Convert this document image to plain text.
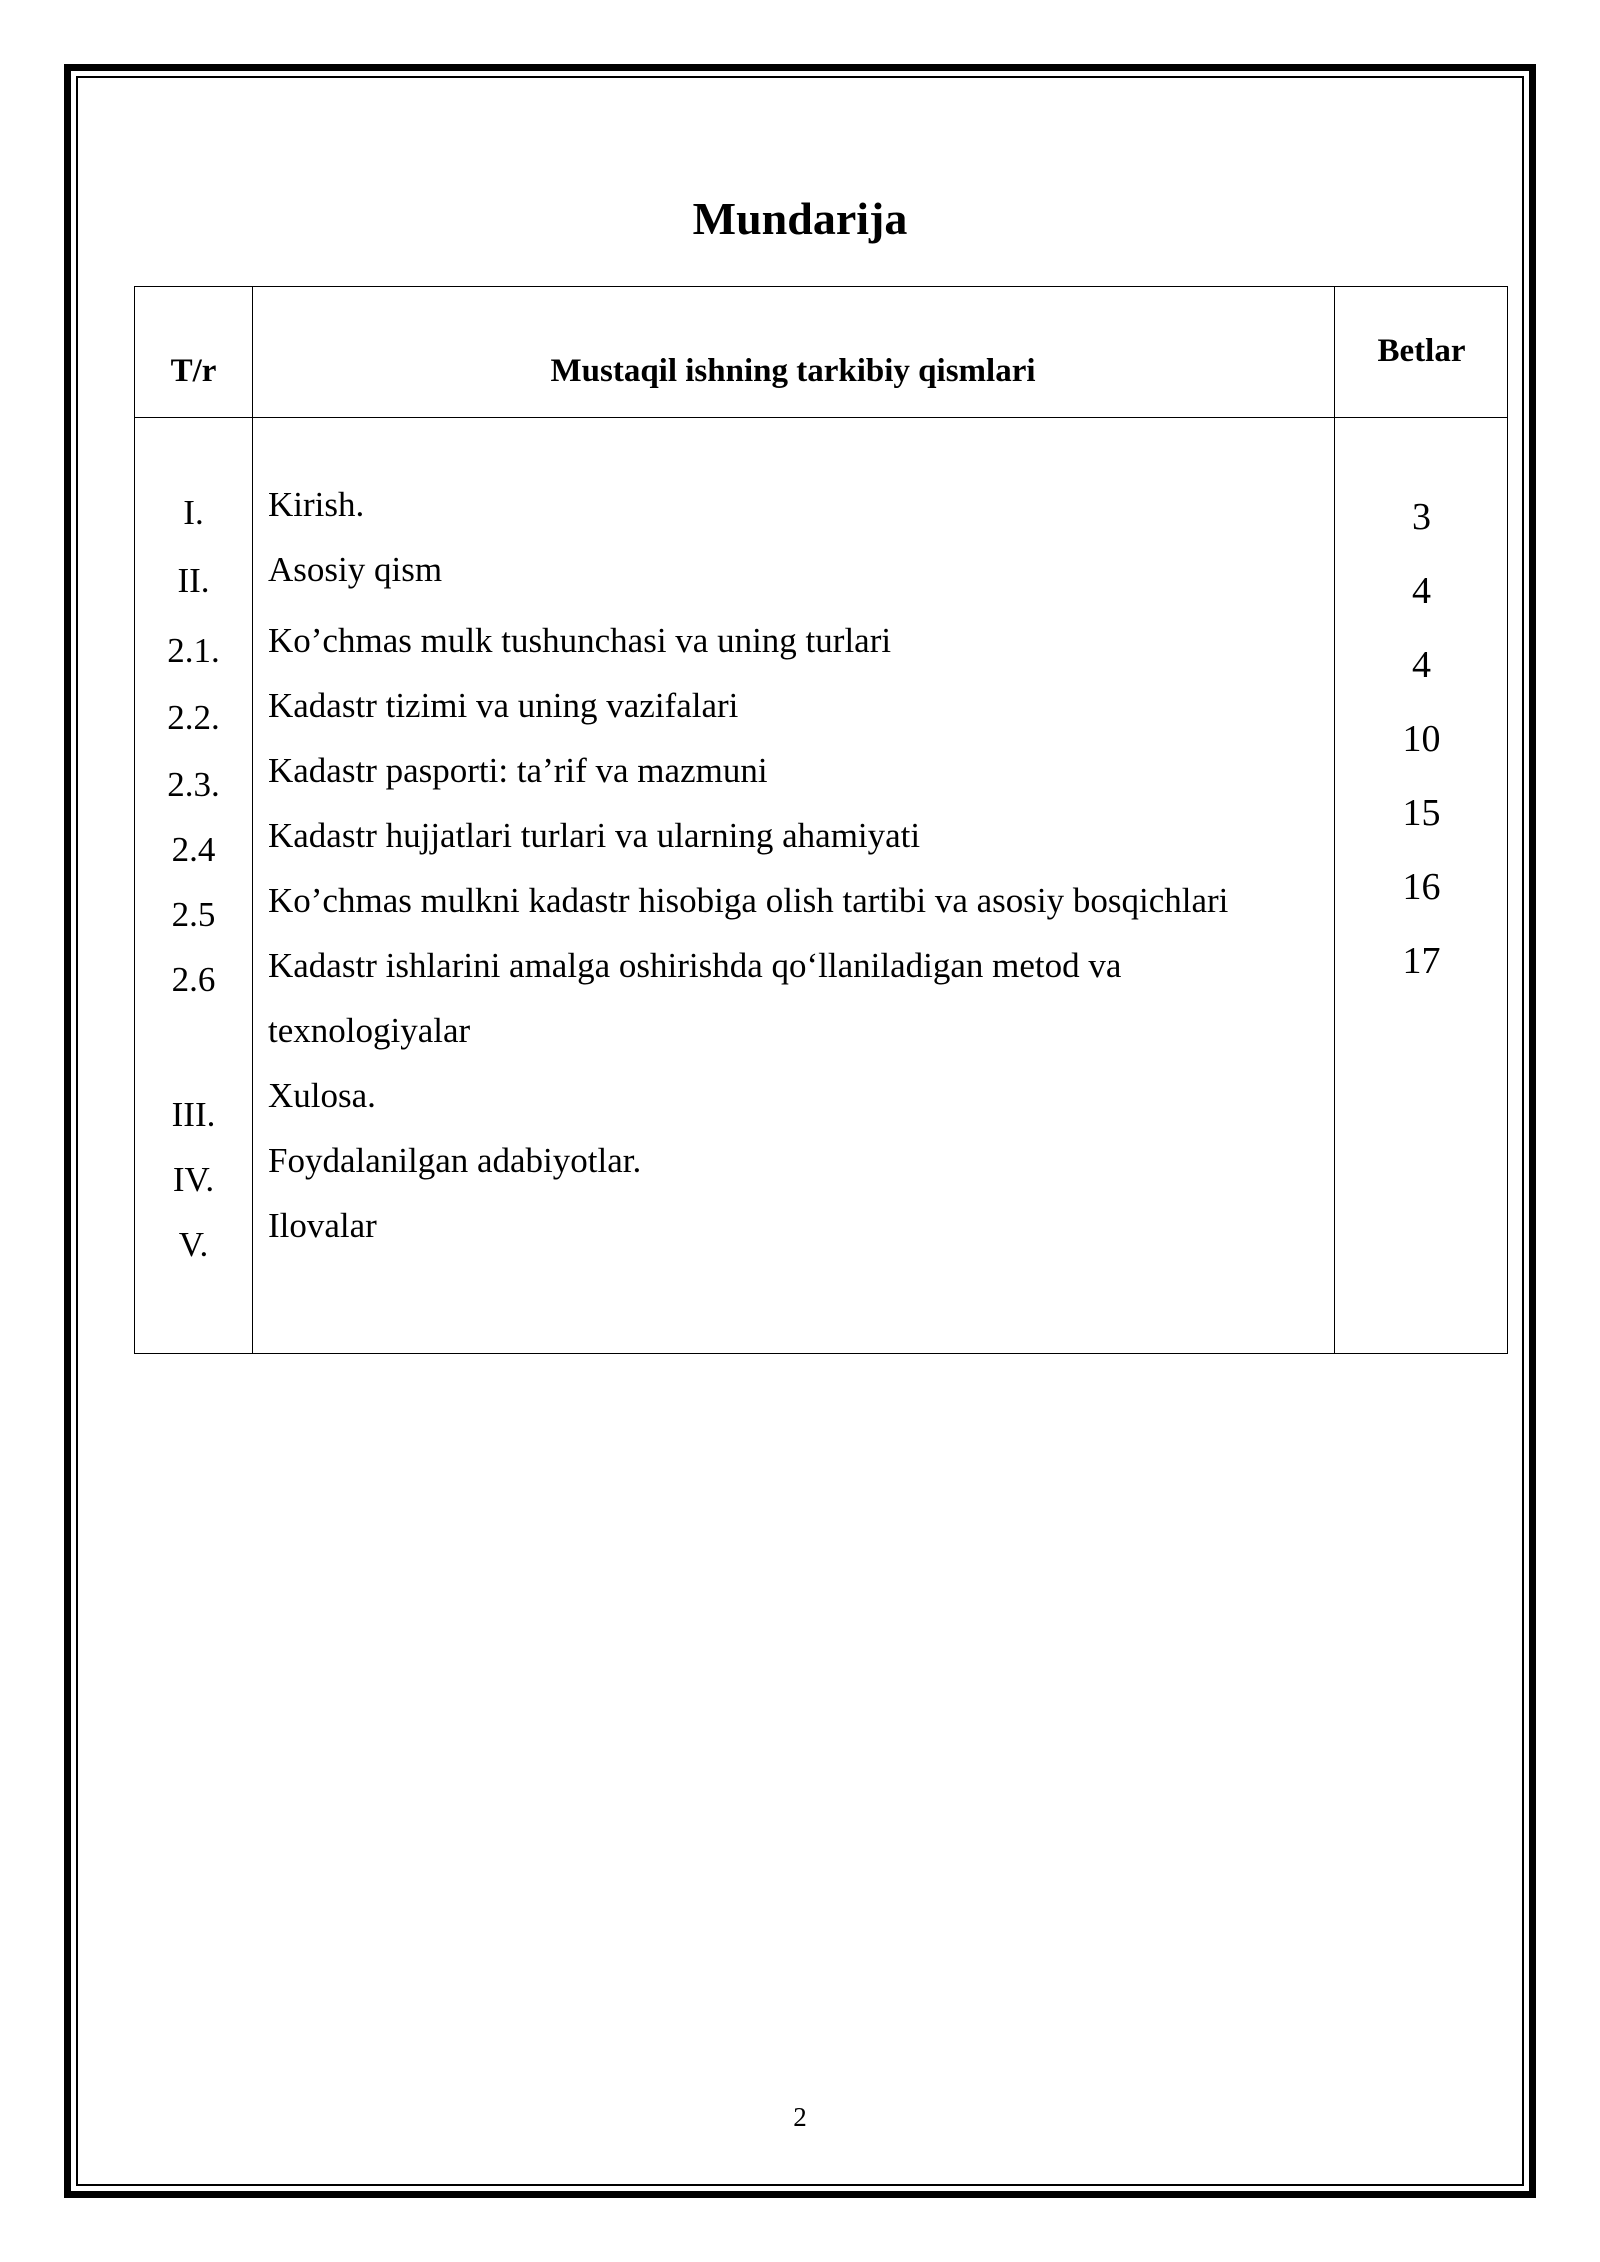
Mundarija
T/r	Mustaqil ishning tarkibiy qismlari
Betlar
I.
II.
2.1.
2.2.
2.3.
2.4
2.5
2.6
III.
IV.
V.
Kirish.
Asosiy qism
Ko’chmas mulk tushunchasi va uning turlari
Kadastr tizimi va uning vazifalari
Kadastr pasporti: ta’rif va mazmuni
Kadastr hujjatlari turlari va ularning ahamiyati
Ko’chmas mulkni kadastr hisobiga olish tartibi va asosiy bosqichlari
Kadastr ishlarini amalga oshirishda qo‘llaniladigan metod va
texnologiyalar
Xulosa.
Foydalanilgan adabiyotlar.
Ilovalar
3
4
4
10
15
16
17
2
